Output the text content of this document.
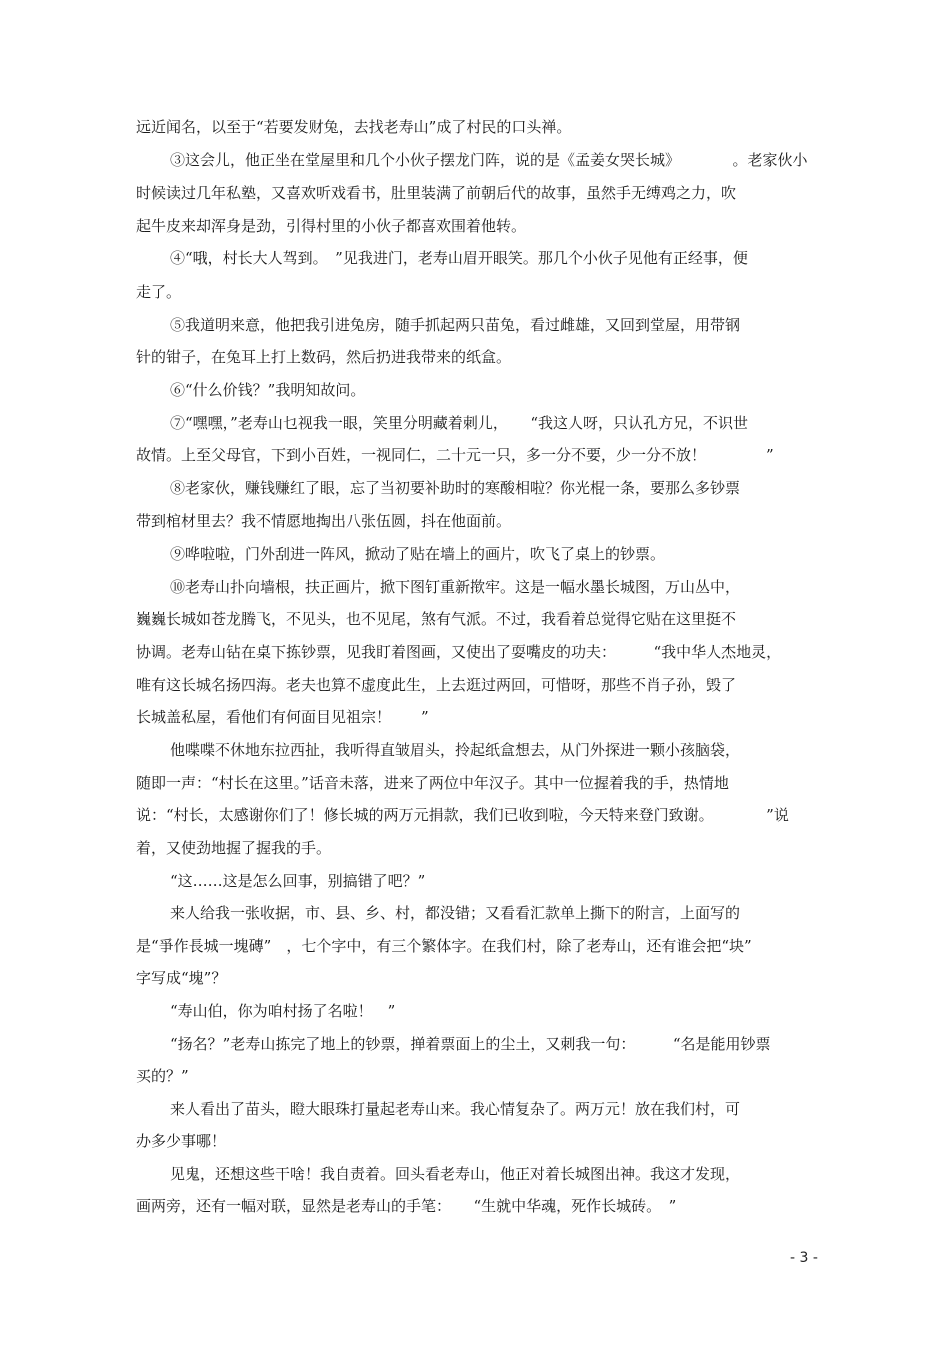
远近闻名，以至于“若要发财兔，去找老寿山”成了村民的口头禅。
③这会儿，他正坐在堂屋里和几个小伙子摆龙门阵，说的是《孟姜女哭长城》　　　　。老家伙小
时候读过几年私塾，又喜欢听戏看书，肚里装满了前朝后代的故事，虽然手无缚鸡之力，吹
起牛皮来却浑身是劲，引得村里的小伙子都喜欢围着他转。
④“哦，村长大人驾到。　”见我进门，老寿山眉开眼笑。那几个小伙子见他有正经事，便
走了。
⑤我道明来意，他把我引进兔房，随手抓起两只苗兔，看过雌雄，又回到堂屋，用带钢
针的钳子，在兔耳上打上数码，然后扔进我带来的纸盒。
⑥“什么价钱？”我明知故问。
⑦“嘿嘿，”老寿山乜视我一眼，笑里分明藏着刺儿，　　“我这人呀，只认孔方兄，不识世
故情。上至父母官，下到小百姓，一视同仁，二十元一只，多一分不要，少一分不放！　　　　”
⑧老家伙，赚钱赚红了眼，忘了当初要补助时的寒酸相啦？你光棍一条，要那么多钞票
带到棺材里去？我不情愿地掏出八张伍圆，抖在他面前。
⑨哗啦啦，门外刮进一阵风，掀动了贴在墙上的画片，吹飞了桌上的钞票。
⑩老寿山扑向墙根，扶正画片，掀下图钉重新揿牢。这是一幅水墨长城图，万山丛中，
巍巍长城如苍龙腾飞，不见头，也不见尾，煞有气派。不过，我看着总觉得它贴在这里挺不
协调。老寿山钻在桌下拣钞票，见我盯着图画，又使出了耍嘴皮的功夫：　　　“我中华人杰地灵，
唯有这长城名扬四海。老夫也算不虚度此生，上去逛过两回，可惜呀，那些不肖子孙，毁了
长城盖私屋，看他们有何面目见祖宗！　　”
他喋喋不休地东拉西扯，我听得直皱眉头，拎起纸盒想去，从门外探进一颗小孩脑袋，
随即一声：“村长在这里。”话音未落，进来了两位中年汉子。其中一位握着我的手，热情地
说：“村长，太感谢你们了！修长城的两万元捐款，我们已收到啦，今天特来登门致谢。　　　　”说
着，又使劲地握了握我的手。
“这……这是怎么回事，别搞错了吧？”
来人给我一张收据，市、县、乡、村，都没错；又看看汇款单上撕下的附言，上面写的
是“爭作長城一塊磚”　，七个字中，有三个繁体字。在我们村，除了老寿山，还有谁会把“块”
字写成“塊”？
“寿山伯，你为咱村扬了名啦！　”
“扬名？”老寿山拣完了地上的钞票，掸着票面上的尘土，又刺我一句：　　　“名是能用钞票
买的？”
来人看出了苗头，瞪大眼珠打量起老寿山来。我心情复杂了。两万元！放在我们村，可
办多少事哪！
见鬼，还想这些干啥！我自责着。回头看老寿山，他正对着长城图出神。我这才发现，
画两旁，还有一幅对联，显然是老寿山的手笔：　　“生就中华魂，死作长城砖。　”
- 3 -
